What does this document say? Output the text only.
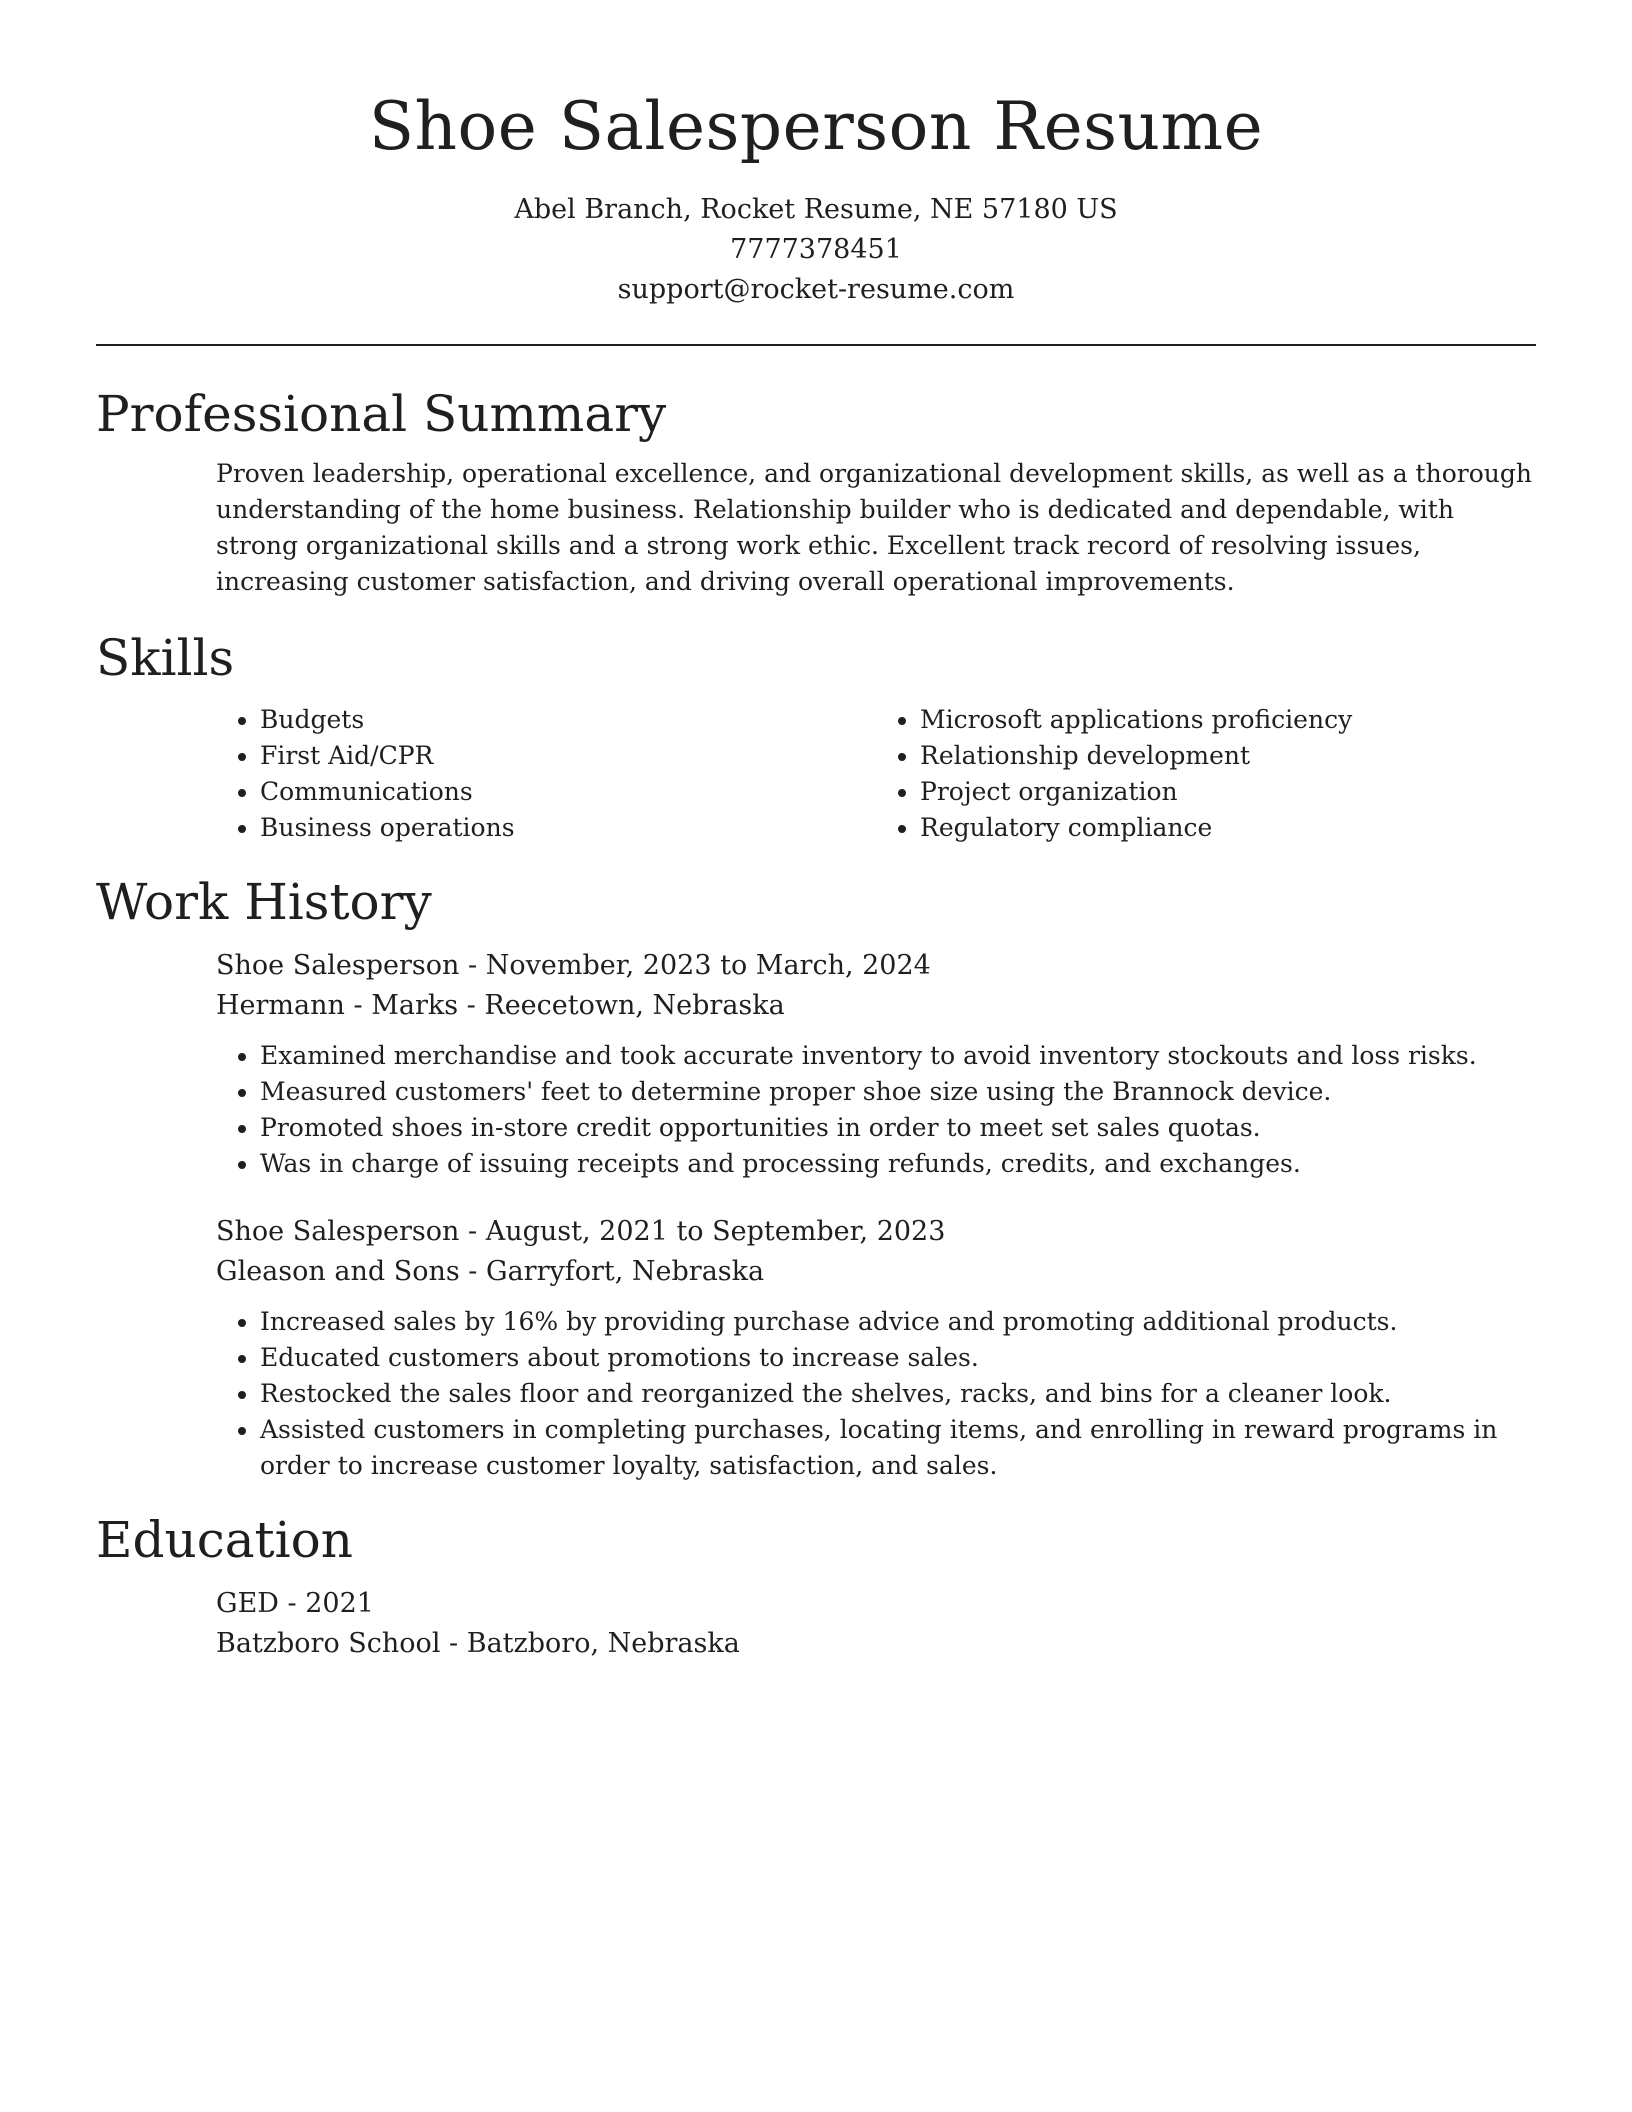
Shoe Salesperson Resume
Abel Branch, Rocket Resume, NE 57180 US
7777378451
support@rocket-resume.com
Professional Summary

Proven leadership, operational excellence, and organizational development skills, as well as a thorough understanding of the home business. Relationship builder who is dedicated and dependable, with strong organizational skills and a strong work ethic. Excellent track record of resolving issues, increasing customer satisfaction, and driving overall operational improvements.

Skills
• Budgets
• First Aid/CPR
• Communications
• Business operations
• Microsoft applications proficiency
• Relationship development
• Project organization
• Regulatory compliance
Work History
Shoe Salesperson - November, 2023 to March, 2024
Hermann - Marks - Reecetown, Nebraska
• Examined merchandise and took accurate inventory to avoid inventory stockouts and loss risks.
• Measured customers' feet to determine proper shoe size using the Brannock device.
• Promoted shoes in-store credit opportunities in order to meet set sales quotas.
• Was in charge of issuing receipts and processing refunds, credits, and exchanges.
Shoe Salesperson - August, 2021 to September, 2023
Gleason and Sons - Garryfort, Nebraska
• Increased sales by 16% by providing purchase advice and promoting additional products.
• Educated customers about promotions to increase sales.
• Restocked the sales floor and reorganized the shelves, racks, and bins for a cleaner look.
• Assisted customers in completing purchases, locating items, and enrolling in reward programs in order to increase customer loyalty, satisfaction, and sales.
Education
GED - 2021
Batzboro School - Batzboro, Nebraska
